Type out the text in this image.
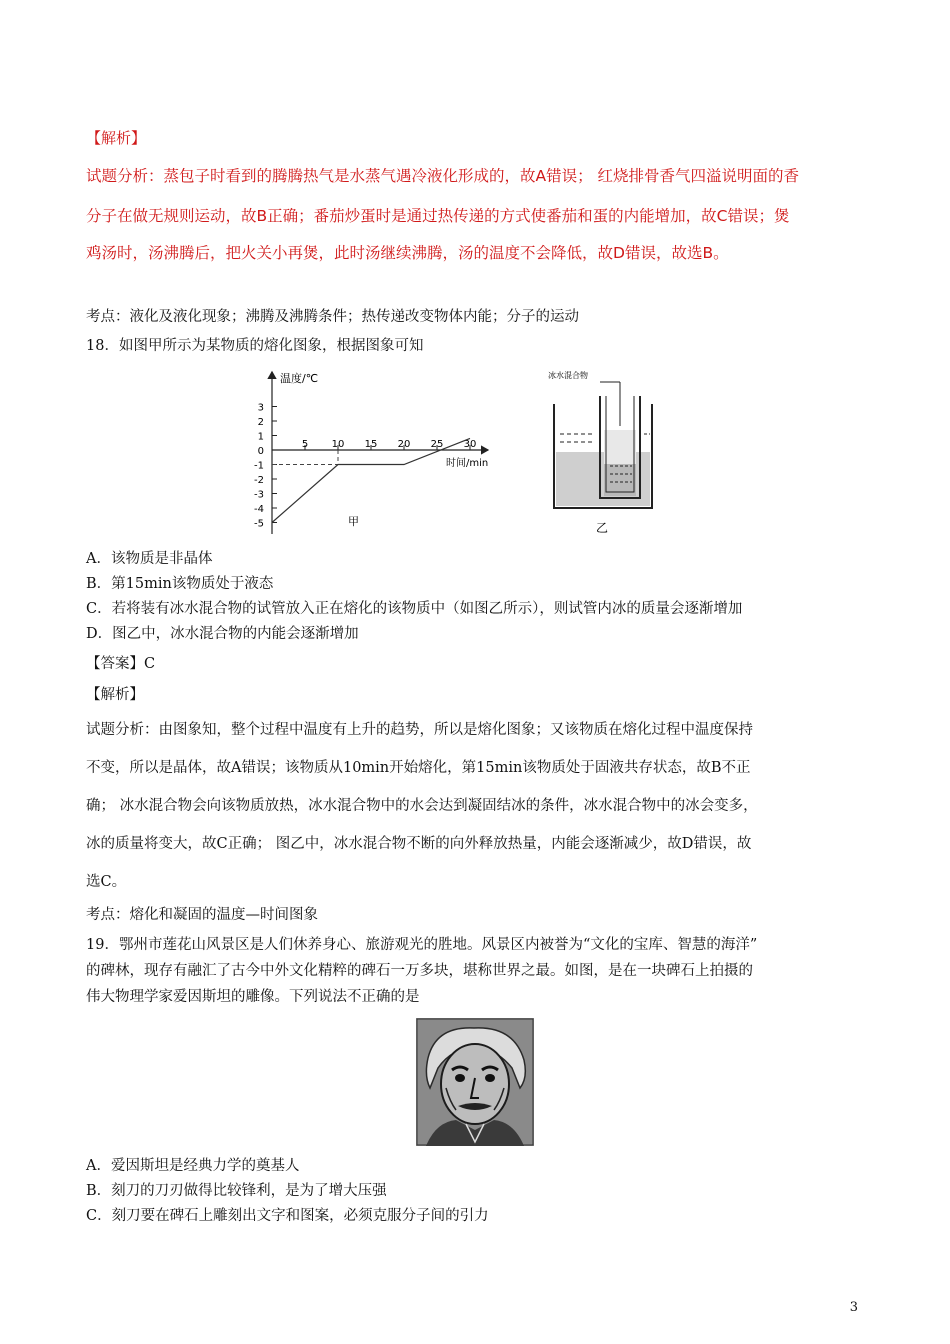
【解析】
试题分析：蒸包子时看到的腾腾热气是水蒸气遇冷液化形成的，故A错误； 红烧排骨香气四溢说明面的香
分子在做无规则运动，故B正确；番茄炒蛋时是通过热传递的方式使番茄和蛋的内能增加，故C错误；煲
鸡汤时，汤沸腾后，把火关小再煲，此时汤继续沸腾，汤的温度不会降低，故D错误，故选B。
考点：液化及液化现象；沸腾及沸腾条件；热传递改变物体内能；分子的运动
18．如图甲所示为某物质的熔化图象，根据图象可知
3
2
1
0
-1
-2
-3
-4
-5
5 10 15 20 25 30
温度/℃
时间/min
甲
冰水混合物
乙
A．该物质是非晶体
B．第15min该物质处于液态
C．若将装有冰水混合物的试管放入正在熔化的该物质中（如图乙所示），则试管内冰的质量会逐渐增加
D．图乙中，冰水混合物的内能会逐渐增加
【答案】C
【解析】
试题分析：由图象知，整个过程中温度有上升的趋势，所以是熔化图象；又该物质在熔化过程中温度保持
不变，所以是晶体，故A错误；该物质从10min开始熔化，第15min该物质处于固液共存状态，故B不正
确； 冰水混合物会向该物质放热，冰水混合物中的水会达到凝固结冰的条件，冰水混合物中的冰会变多，
冰的质量将变大，故C正确； 图乙中，冰水混合物不断的向外释放热量，内能会逐渐减少，故D错误，故
选C。
考点：熔化和凝固的温度—时间图象
19．鄂州市莲花山风景区是人们休养身心、旅游观光的胜地。风景区内被誉为“文化的宝库、智慧的海洋”
的碑林，现存有融汇了古今中外文化精粹的碑石一万多块，堪称世界之最。如图，是在一块碑石上拍摄的
伟大物理学家爱因斯坦的雕像。下列说法不正确的是
A．爱因斯坦是经典力学的奠基人
B．刻刀的刀刃做得比较锋利，是为了增大压强
C．刻刀要在碑石上雕刻出文字和图案，必须克服分子间的引力
3
